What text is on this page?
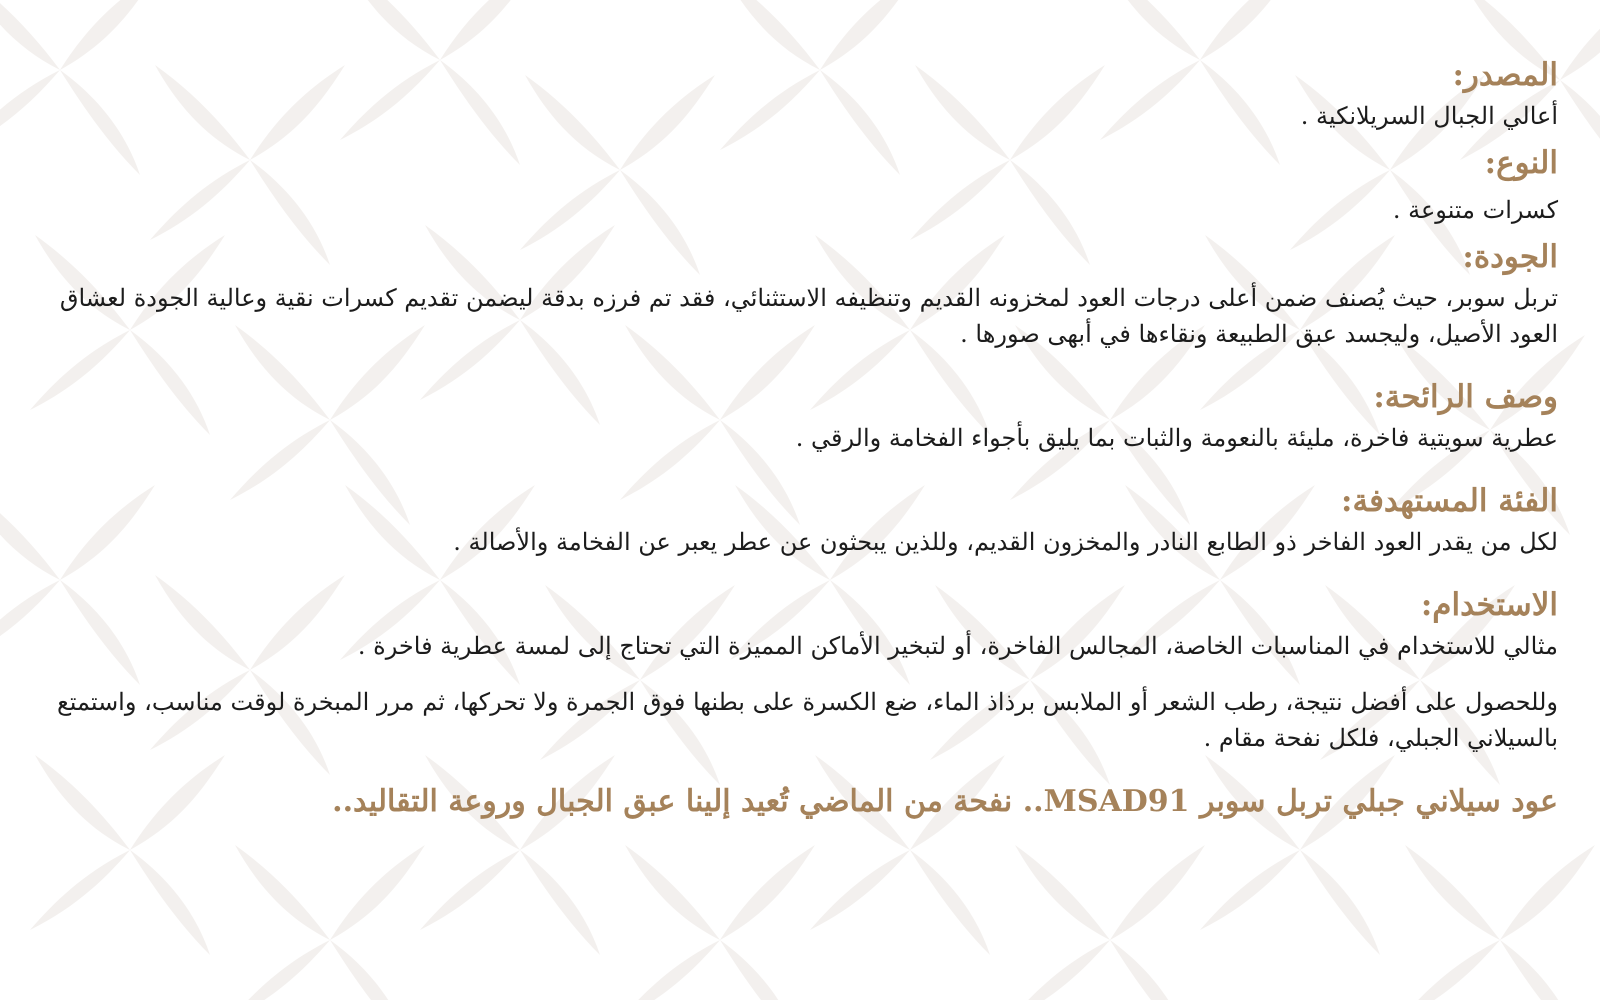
المصدر:
أعالي الجبال السريلانكية .
النوع:
كسرات متنوعة .
الجودة:
تربل سوبر، حيث يُصنف ضمن أعلى درجات العود لمخزونه القديم وتنظيفه الاستثنائي، فقد تم فرزه بدقة ليضمن تقديم كسرات نقية وعالية الجودة لعشاق العود الأصيل، وليجسد عبق الطبيعة ونقاءها في أبهى صورها .
وصف الرائحة:
عطرية سويتية فاخرة، مليئة بالنعومة والثبات بما يليق بأجواء الفخامة والرقي .
الفئة المستهدفة:
لكل من يقدر العود الفاخر ذو الطابع النادر والمخزون القديم، وللذين يبحثون عن عطر يعبر عن الفخامة والأصالة .
الاستخدام:
مثالي للاستخدام في المناسبات الخاصة، المجالس الفاخرة، أو لتبخير الأماكن المميزة التي تحتاج إلى لمسة عطرية فاخرة .
وللحصول على أفضل نتيجة، رطب الشعر أو الملابس برذاذ الماء، ضع الكسرة على بطنها فوق الجمرة ولا تحركها، ثم مرر المبخرة لوقت مناسب، واستمتع بالسيلاني الجبلي، فلكل نفحة مقام .
عود سيلاني جبلي تربل سوبر MSAD91.. نفحة من الماضي تُعيد إلينا عبق الجبال وروعة التقاليد..
